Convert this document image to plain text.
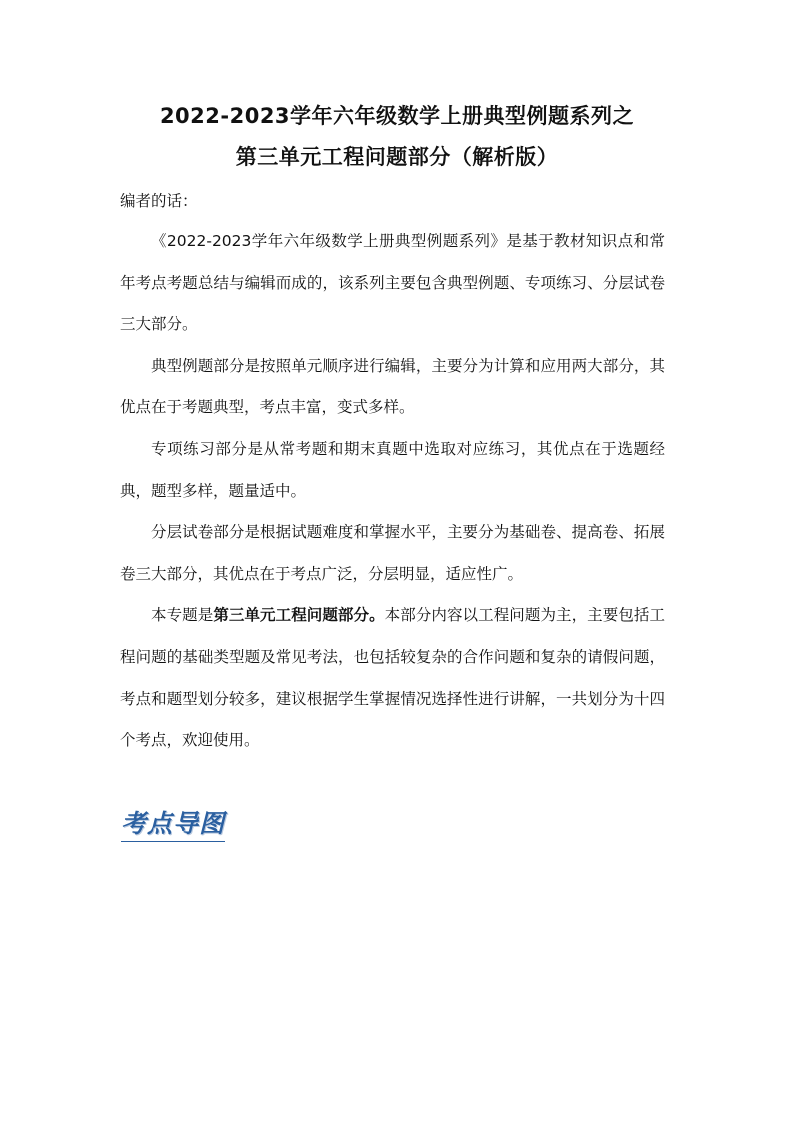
2022-2023学年六年级数学上册典型例题系列之
第三单元工程问题部分（解析版）
编者的话：

《2022-2023学年六年级数学上册典型例题系列》是基于教材知识点和常年考点考题总结与编辑而成的，该系列主要包含典型例题、专项练习、分层试卷三大部分。

典型例题部分是按照单元顺序进行编辑，主要分为计算和应用两大部分，其优点在于考题典型，考点丰富，变式多样。

专项练习部分是从常考题和期末真题中选取对应练习，其优点在于选题经典，题型多样，题量适中。

分层试卷部分是根据试题难度和掌握水平，主要分为基础卷、提高卷、拓展卷三大部分，其优点在于考点广泛，分层明显，适应性广。

本专题是第三单元工程问题部分。本部分内容以工程问题为主，主要包括工程问题的基础类型题及常见考法，也包括较复杂的合作问题和复杂的请假问题，考点和题型划分较多，建议根据学生掌握情况选择性进行讲解，一共划分为十四个考点，欢迎使用。

考点导图
